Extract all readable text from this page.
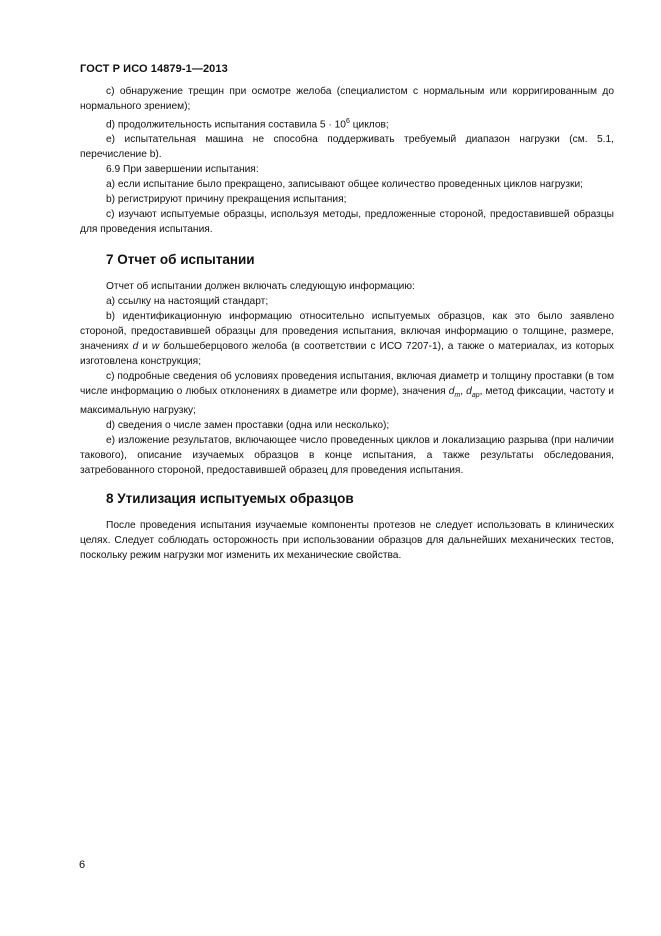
ГОСТ Р ИСО 14879-1—2013

c) обнаружение трещин при осмотре желоба (специалистом с нормальным или корригированным до нормального зрением);

d) продолжительность испытания составила $5 \cdot 10^6$ циклов;

e) испытательная машина не способна поддерживать требуемый диапазон нагрузки (см. 5.1, перечисление b).

6.9 При завершении испытания:

a) если испытание было прекращено, записывают общее количество проведенных циклов нагрузки;

b) регистрируют причину прекращения испытания;

c) изучают испытуемые образцы, используя методы, предложенные стороной, предоставившей образцы для проведения испытания.

7 Отчет об испытании

Отчет об испытании должен включать следующую информацию:

a) ссылку на настоящий стандарт;

b) идентификационную информацию относительно испытуемых образцов, как это было заявлено стороной, предоставившей образцы для проведения испытания, включая информацию о толщине, размере, значениях d и w большеберцового желоба (в соответствии с ИСО 7207-1), а также о материалах, из которых изготовлена конструкция;

c) подробные сведения об условиях проведения испытания, включая диаметр и толщину проставки (в том числе информацию о любых отклонениях в диаметре или форме), значения $d_m$, $d_{ap}$, метод фиксации, частоту и максимальную нагрузку;

d) сведения о числе замен проставки (одна или несколько);

e) изложение результатов, включающее число проведенных циклов и локализацию разрыва (при наличии такового), описание изучаемых образцов в конце испытания, а также результаты обследования, затребованного стороной, предоставившей образец для проведения испытания.

8 Утилизация испытуемых образцов

После проведения испытания изучаемые компоненты протезов не следует использовать в клинических целях. Следует соблюдать осторожность при использовании образцов для дальнейших механических тестов, поскольку режим нагрузки мог изменить их механические свойства.

6
